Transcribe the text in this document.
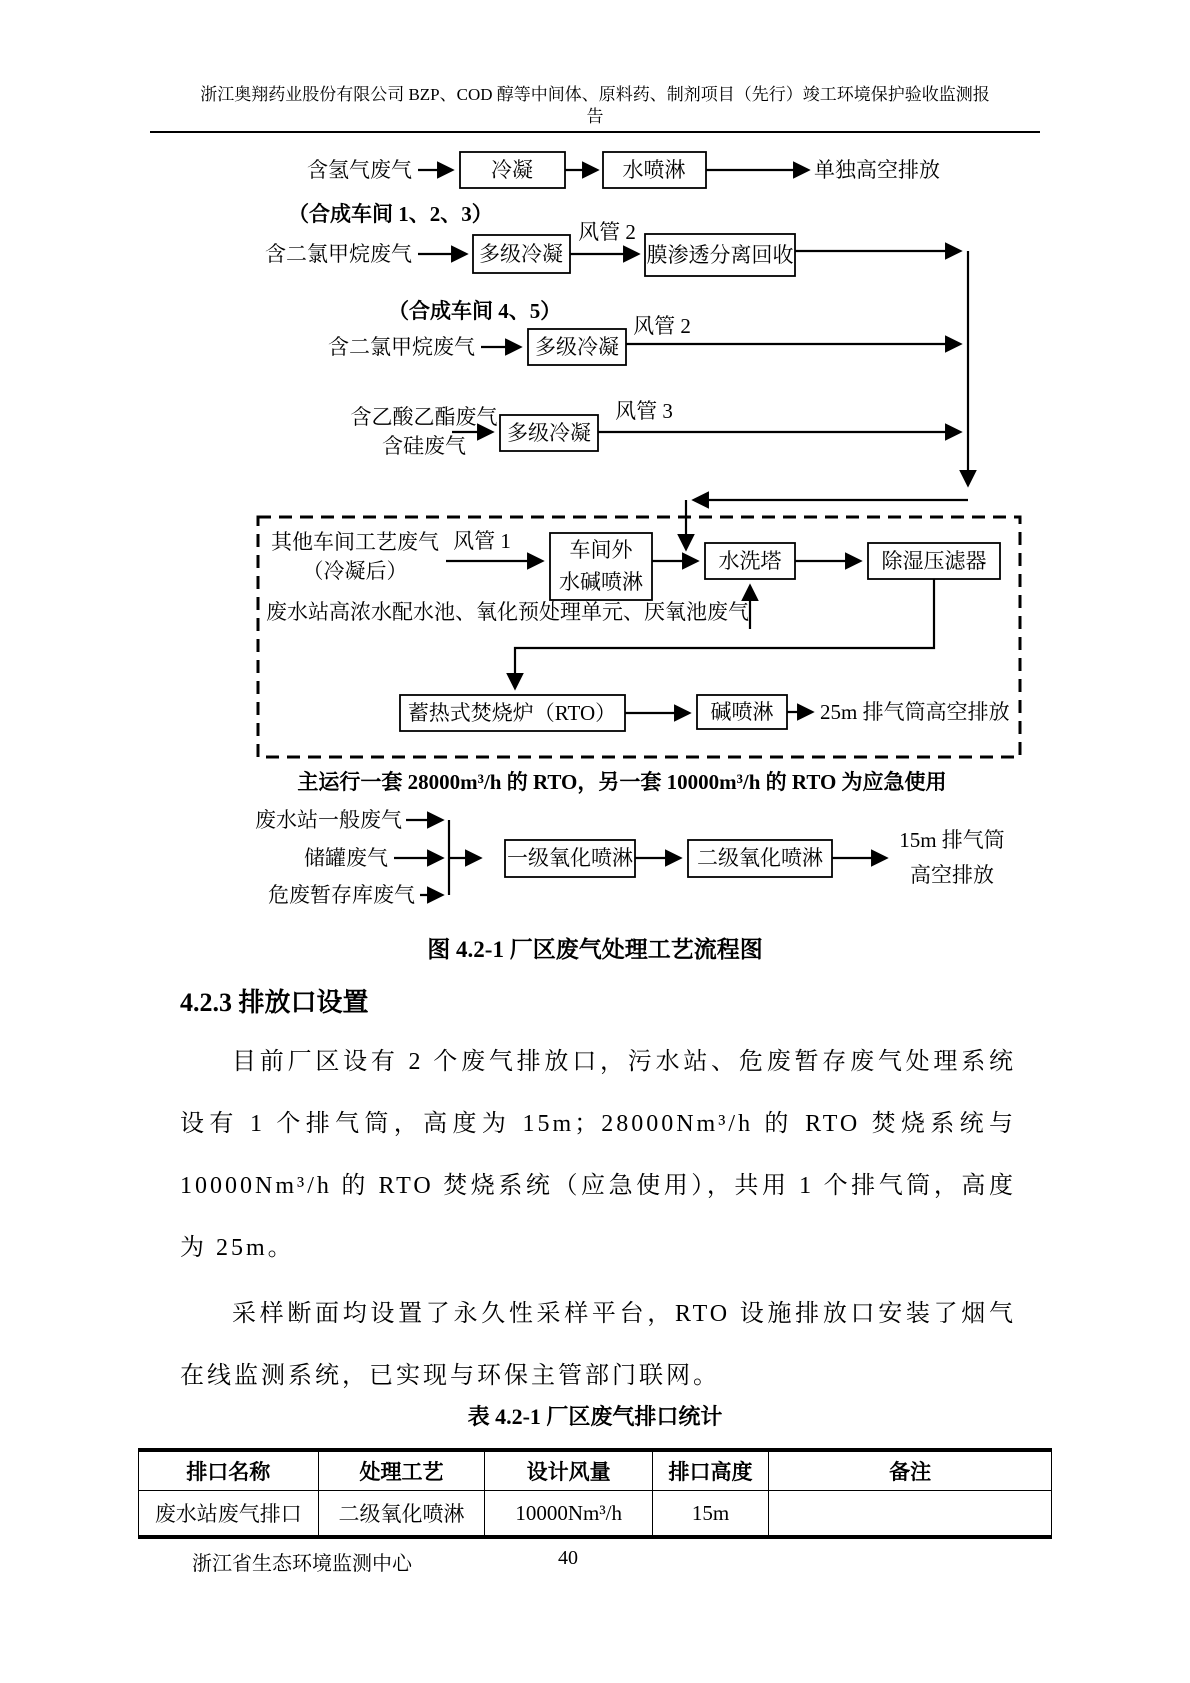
浙江奥翔药业股份有限公司 BZP、COD 醇等中间体、原料药、制剂项目（先行）竣工环境保护验收监测报
告
含氢气废气	冷凝	水喷淋	单独高空排放
（合成车间 1、2、3）
含二氯甲烷废气	多级冷凝
风管 2
膜渗透分离回收
（合成车间 4、5）
含二氯甲烷废气	多级冷凝
风管 2
含乙酸乙酯废气
含硅废气
多级冷凝
风管 3
其他车间工艺废气
（冷凝后）
风管 1	车间外
水碱喷淋
水洗塔	除湿压滤器
废水站高浓水配水池、氧化预处理单元、厌氧池废气
蓄热式焚烧炉（RTO）	碱喷淋 25m 排气筒高空排放
主运行一套 28000m³/h 的 RTO，另一套 10000m³/h 的 RTO 为应急使用
废水站一般废气
储罐废气
危废暂存库废气
一级氧化喷淋	二级氧化喷淋
15m 排气筒
高空排放
图 4.2-1 厂区废气处理工艺流程图
4.2.3 排放口设置
目前厂区设有 2 个废气排放口，污水站、危废暂存废气处理系统设有 1 个排气筒，高度为 15m；28000Nm³/h 的 RTO 焚烧系统与10000Nm³/h 的 RTO 焚烧系统（应急使用），共用 1 个排气筒，高度为 25m。
采样断面均设置了永久性采样平台，RTO 设施排放口安装了烟气在线监测系统，已实现与环保主管部门联网。
表 4.2-1 厂区废气排口统计
排口名称	处理工艺	设计风量	排口高度	备注
废水站废气排口	二级氧化喷淋	10000Nm³/h	15m	
浙江省生态环境监测中心	40
